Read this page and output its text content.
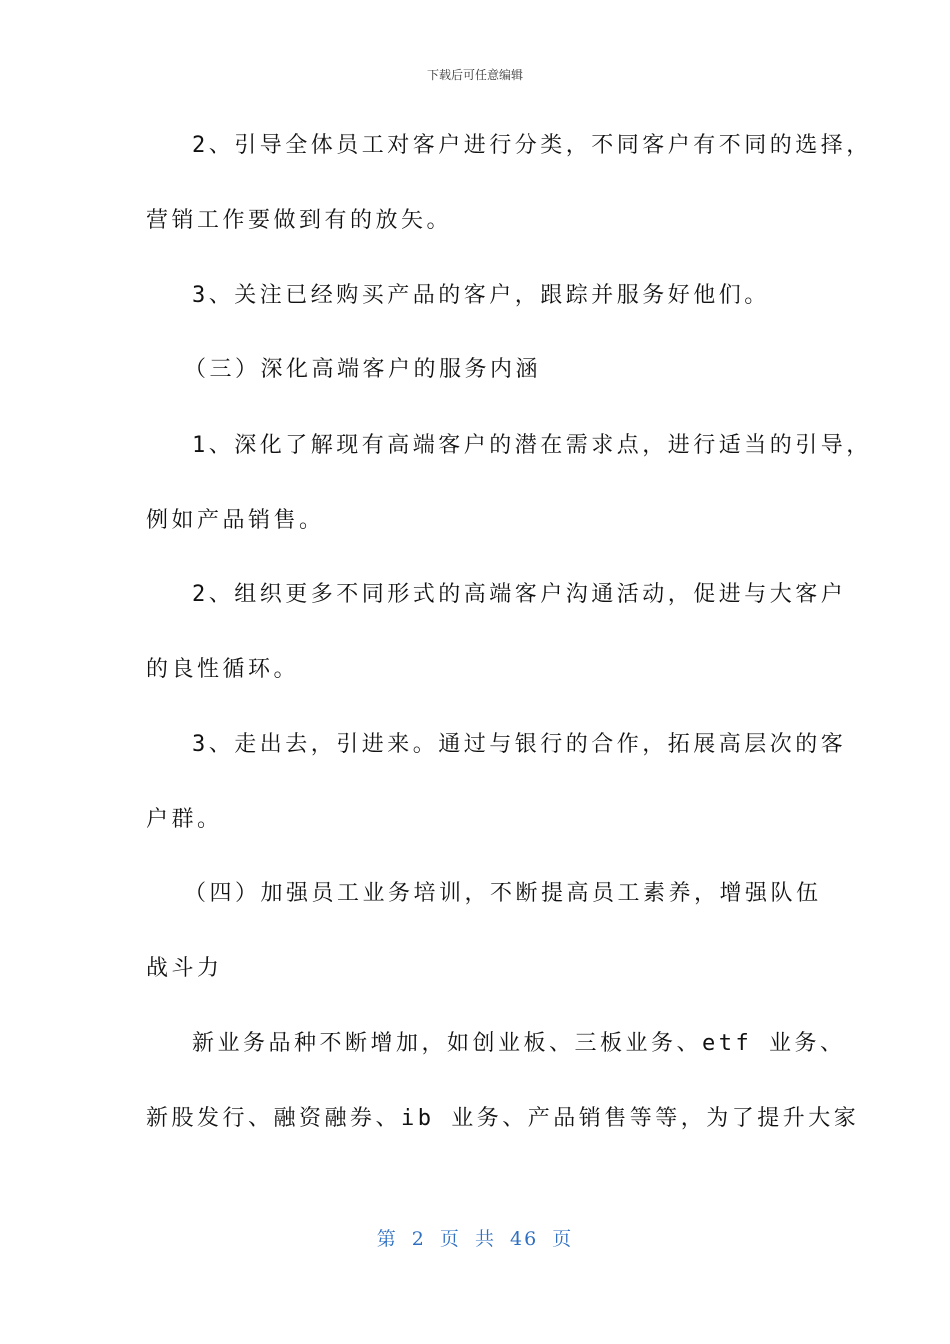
下载后可任意编辑
2、引导全体员工对客户进行分类，不同客户有不同的选择，
营销工作要做到有的放矢。
3、关注已经购买产品的客户，跟踪并服务好他们。
（三）深化高端客户的服务内涵
1、深化了解现有高端客户的潜在需求点，进行适当的引导，
例如产品销售。
2、组织更多不同形式的高端客户沟通活动，促进与大客户
的良性循环。
3、走出去，引进来。通过与银行的合作，拓展高层次的客
户群。
（四）加强员工业务培训，不断提高员工素养，增强队伍
战斗力
新业务品种不断增加，如创业板、三板业务、etf 业务、
新股发行、融资融券、ib 业务、产品销售等等，为了提升大家
第 2 页 共 46 页
